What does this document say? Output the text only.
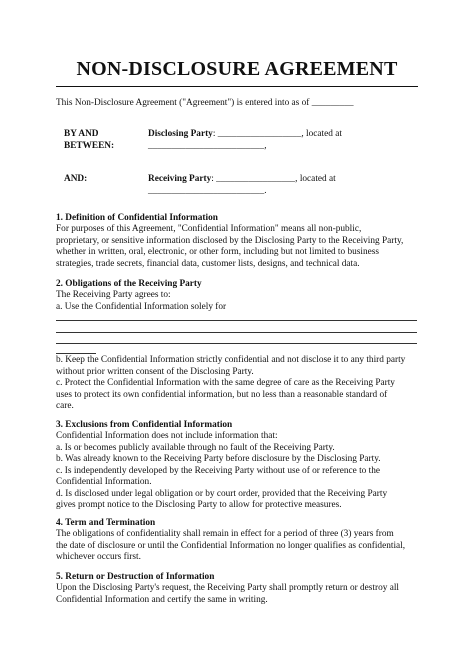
NON-DISCLOSURE AGREEMENT
This Non-Disclosure Agreement ("Agreement") is entered into as of _________
BY AND
BETWEEN:
Disclosing Party: __________________, located at
_________________________,
AND:	Receiving Party: _________________, located at
_________________________.
1. Definition of Confidential Information
For purposes of this Agreement, "Confidential Information" means all non-public,
proprietary, or sensitive information disclosed by the Disclosing Party to the Receiving Party,
whether in written, oral, electronic, or other form, including but not limited to business
strategies, trade secrets, financial data, customer lists, designs, and technical data.
2. Obligations of the Receiving Party
The Receiving Party agrees to:
a. Use the Confidential Information solely for
b. Keep the Confidential Information strictly confidential and not disclose it to any third party
without prior written consent of the Disclosing Party.
c. Protect the Confidential Information with the same degree of care as the Receiving Party
uses to protect its own confidential information, but no less than a reasonable standard of
care.
3. Exclusions from Confidential Information
Confidential Information does not include information that:
a. Is or becomes publicly available through no fault of the Receiving Party.
b. Was already known to the Receiving Party before disclosure by the Disclosing Party.
c. Is independently developed by the Receiving Party without use of or reference to the
Confidential Information.
d. Is disclosed under legal obligation or by court order, provided that the Receiving Party
gives prompt notice to the Disclosing Party to allow for protective measures.
4. Term and Termination
The obligations of confidentiality shall remain in effect for a period of three (3) years from
the date of disclosure or until the Confidential Information no longer qualifies as confidential,
whichever occurs first.
5. Return or Destruction of Information
Upon the Disclosing Party's request, the Receiving Party shall promptly return or destroy all
Confidential Information and certify the same in writing.
